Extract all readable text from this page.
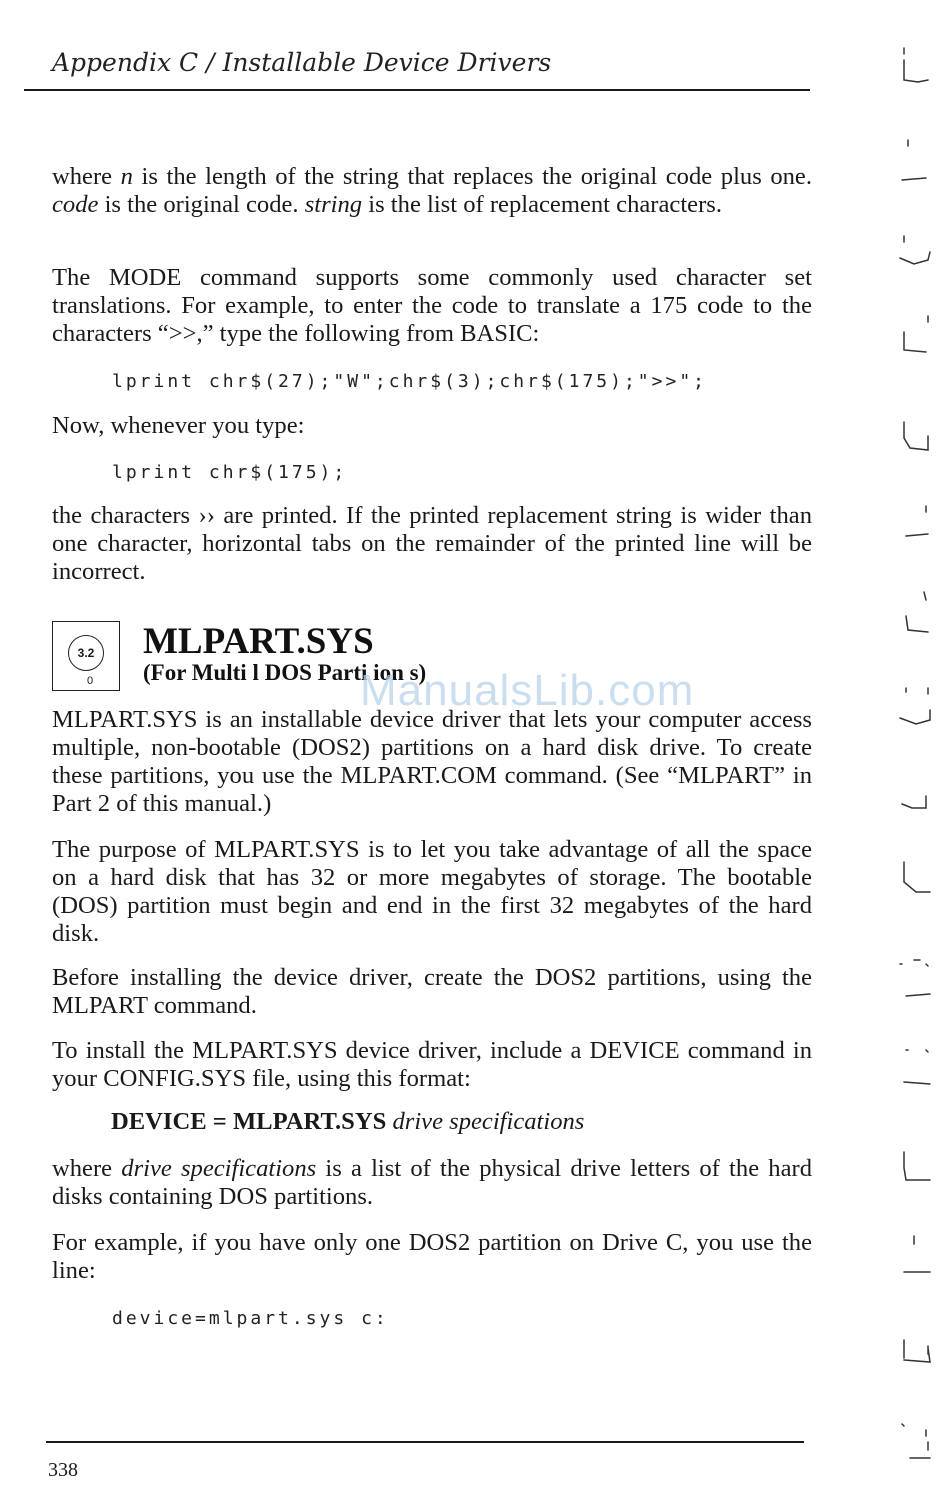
Appendix C / Installable Device Drivers
where n is the length of the string that replaces the original code plus one. code is the original code. string is the list of replacement characters.
The MODE command supports some commonly used character set translations. For example, to enter the code to translate a 175 code to the characters “>>,” type the following from BASIC:
lprint chr$(27);"W";chr$(3);chr$(175);">>";
Now, whenever you type:
lprint chr$(175);
the characters ›› are printed. If the printed replacement string is wider than one character, horizontal tabs on the remainder of the printed line will be incorrect.
3.2
0
MLPART.SYS
(For Multi l DOS Parti ion s)
ManualsLib.com
MLPART.SYS is an installable device driver that lets your computer access multiple, non-bootable (DOS2) partitions on a hard disk drive. To create these partitions, you use the MLPART.COM command. (See “MLPART” in Part 2 of this manual.)
The purpose of MLPART.SYS is to let you take advantage of all the space on a hard disk that has 32 or more megabytes of storage. The bootable (DOS) partition must begin and end in the first 32 megabytes of the hard disk.
Before installing the device driver, create the DOS2 partitions, using the MLPART command.
To install the MLPART.SYS device driver, include a DEVICE command in your CONFIG.SYS file, using this format:
DEVICE = MLPART.SYS drive specifications
where drive specifications is a list of the physical drive letters of the hard disks containing DOS partitions.
For example, if you have only one DOS2 partition on Drive C, you use the line:
device=mlpart.sys c:
338
